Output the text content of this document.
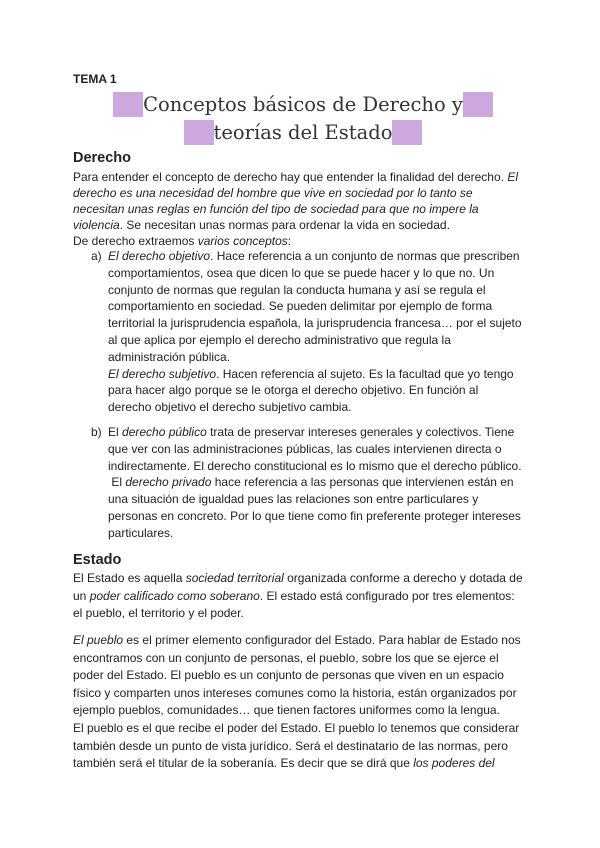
TEMA 1
Conceptos básicos de Derecho y
teorías del Estado
Derecho
Para entender el concepto de derecho hay que entender la finalidad del derecho. El
derecho es una necesidad del hombre que vive en sociedad por lo tanto se
necesitan unas reglas en función del tipo de sociedad para que no impere la
violencia. Se necesitan unas normas para ordenar la vida en sociedad.
De derecho extraemos varios conceptos:
a) El derecho objetivo. Hace referencia a un conjunto de normas que prescriben
comportamientos, osea que dicen lo que se puede hacer y lo que no. Un
conjunto de normas que regulan la conducta humana y así se regula el
comportamiento en sociedad. Se pueden delimitar por ejemplo de forma
territorial la jurisprudencia española, la jurisprudencia francesa… por el sujeto
al que aplica por ejemplo el derecho administrativo que regula la
administración pública.
El derecho subjetivo. Hacen referencia al sujeto. Es la facultad que yo tengo
para hacer algo porque se le otorga el derecho objetivo. En función al
derecho objetivo el derecho subjetivo cambia.
b) El derecho público trata de preservar intereses generales y colectivos. Tiene
que ver con las administraciones públicas, las cuales intervienen directa o
indirectamente. El derecho constitucional es lo mismo que el derecho público.
El derecho privado hace referencia a las personas que intervienen están en
una situación de igualdad pues las relaciones son entre particulares y
personas en concreto. Por lo que tiene como fin preferente proteger intereses
particulares.
Estado
El Estado es aquella sociedad territorial organizada conforme a derecho y dotada de
un poder calificado como soberano. El estado está configurado por tres elementos:
el pueblo, el territorio y el poder.
El pueblo es el primer elemento configurador del Estado. Para hablar de Estado nos
encontramos con un conjunto de personas, el pueblo, sobre los que se ejerce el
poder del Estado. El pueblo es un conjunto de personas que viven en un espacio
físico y comparten unos intereses comunes como la historia, están organizados por
ejemplo pueblos, comunidades… que tienen factores uniformes como la lengua.
El pueblo es el que recibe el poder del Estado. El pueblo lo tenemos que considerar
también desde un punto de vista jurídico. Será el destinatario de las normas, pero
también será el titular de la soberanía. Es decir que se dirá que los poderes del
